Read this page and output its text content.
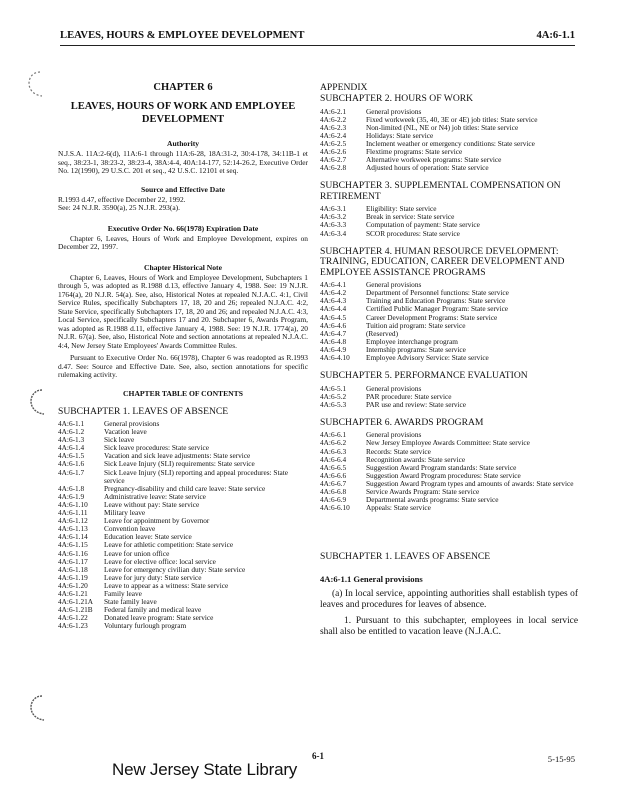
LEAVES, HOURS & EMPLOYEE DEVELOPMENT	4A:6-1.1
CHAPTER 6
LEAVES, HOURS OF WORK AND EMPLOYEE DEVELOPMENT
Authority

N.J.S.A. 11A:2-6(d), 11A:6-1 through 11A:6-28, 18A:31-2, 30:4-178, 34:11B-1 et seq., 38:23-1, 38:23-2, 38:23-4, 38A:4-4, 40A:14-177, 52:14-26.2, Executive Order No. 12(1990), 29 U.S.C. 201 et seq., 42 U.S.C. 12101 et seq.

Source and Effective Date

R.1993 d.47, effective December 22, 1992.

See: 24 N.J.R. 3590(a), 25 N.J.R. 293(a).

Executive Order No. 66(1978) Expiration Date

Chapter 6, Leaves, Hours of Work and Employee Development, expires on December 22, 1997.

Chapter Historical Note

Chapter 6, Leaves, Hours of Work and Employee Development, Subchapters 1 through 5, was adopted as R.1988 d.13, effective January 4, 1988. See: 19 N.J.R. 1764(a), 20 N.J.R. 54(a). See, also, Historical Notes at repealed N.J.A.C. 4:1, Civil Service Rules, specifically Subchapters 17, 18, 20 and 26; repealed N.J.A.C. 4:2, State Service, specifically Subchapters 17, 18, 20 and 26; and repealed N.J.A.C. 4:3, Local Service, specifically Subchapters 17 and 20. Subchapter 6, Awards Program, was adopted as R.1988 d.11, effective January 4, 1988. See: 19 N.J.R. 1774(a), 20 N.J.R. 67(a). See, also, Historical Note and section annotations at repealed N.J.A.C. 4:4, New Jersey State Employees' Awards Committee Rules.

Pursuant to Executive Order No. 66(1978), Chapter 6 was readopted as R.1993 d.47. See: Source and Effective Date. See, also, section annotations for specific rulemaking activity.

CHAPTER TABLE OF CONTENTS
SUBCHAPTER 1. LEAVES OF ABSENCE
4A:6-1.1	General provisions
4A:6-1.2	Vacation leave
4A:6-1.3	Sick leave
4A:6-1.4	Sick leave procedures: State service
4A:6-1.5	Vacation and sick leave adjustments: State service
4A:6-1.6	Sick Leave Injury (SLI) requirements: State service
4A:6-1.7	Sick Leave Injury (SLI) reporting and appeal procedures: State service
4A:6-1.8	Pregnancy-disability and child care leave: State service
4A:6-1.9	Administrative leave: State service
4A:6-1.10	Leave without pay: State service
4A:6-1.11	Military leave
4A:6-1.12	Leave for appointment by Governor
4A:6-1.13	Convention leave
4A:6-1.14	Education leave: State service
4A:6-1.15	Leave for athletic competition: State service
4A:6-1.16	Leave for union office
4A:6-1.17	Leave for elective office: local service
4A:6-1.18	Leave for emergency civilian duty: State service
4A:6-1.19	Leave for jury duty: State service
4A:6-1.20	Leave to appear as a witness: State service
4A:6-1.21	Family leave
4A:6-1.21A	State family leave
4A:6-1.21B	Federal family and medical leave
4A:6-1.22	Donated leave program: State service
4A:6-1.23	Voluntary furlough program
APPENDIX
SUBCHAPTER 2. HOURS OF WORK
4A:6-2.1	General provisions
4A:6-2.2	Fixed workweek (35, 40, 3E or 4E) job titles: State service
4A:6-2.3	Non-limited (NL, NE or N4) job titles: State service
4A:6-2.4	Holidays: State service
4A:6-2.5	Inclement weather or emergency conditions: State service
4A:6-2.6	Flextime programs: State service
4A:6-2.7	Alternative workweek programs: State service
4A:6-2.8	Adjusted hours of operation: State service
SUBCHAPTER 3. SUPPLEMENTAL COMPENSATION ON RETIREMENT
4A:6-3.1	Eligibility: State service
4A:6-3.2	Break in service: State service
4A:6-3.3	Computation of payment: State service
4A:6-3.4	SCOR procedures: State service
SUBCHAPTER 4. HUMAN RESOURCE DEVELOPMENT: TRAINING, EDUCATION, CAREER DEVELOPMENT AND EMPLOYEE ASSISTANCE PROGRAMS
4A:6-4.1	General provisions
4A:6-4.2	Department of Personnel functions: State service
4A:6-4.3	Training and Education Programs: State service
4A:6-4.4	Certified Public Manager Program: State service
4A:6-4.5	Career Development Programs: State service
4A:6-4.6	Tuition aid program: State service
4A:6-4.7	(Reserved)
4A:6-4.8	Employee interchange program
4A:6-4.9	Internship programs: State service
4A:6-4.10	Employee Advisory Service: State service
SUBCHAPTER 5. PERFORMANCE EVALUATION
4A:6-5.1	General provisions
4A:6-5.2	PAR procedure: State service
4A:6-5.3	PAR use and review: State service
SUBCHAPTER 6. AWARDS PROGRAM
4A:6-6.1	General provisions
4A:6-6.2	New Jersey Employee Awards Committee: State service
4A:6-6.3	Records: State service
4A:6-6.4	Recognition awards: State service
4A:6-6.5	Suggestion Award Program standards: State service
4A:6-6.6	Suggestion Award Program procedures: State service
4A:6-6.7	Suggestion Award Program types and amounts of awards: State service
4A:6-6.8	Service Awards Program: State service
4A:6-6.9	Departmental awards programs: State service
4A:6-6.10	Appeals: State service
SUBCHAPTER 1. LEAVES OF ABSENCE
4A:6-1.1 General provisions

(a) In local service, appointing authorities shall establish types of leaves and procedures for leaves of absence.

1. Pursuant to this subchapter, employees in local service shall also be entitled to vacation leave (N.J.A.C.

6-1	5-15-95
New Jersey State Library
